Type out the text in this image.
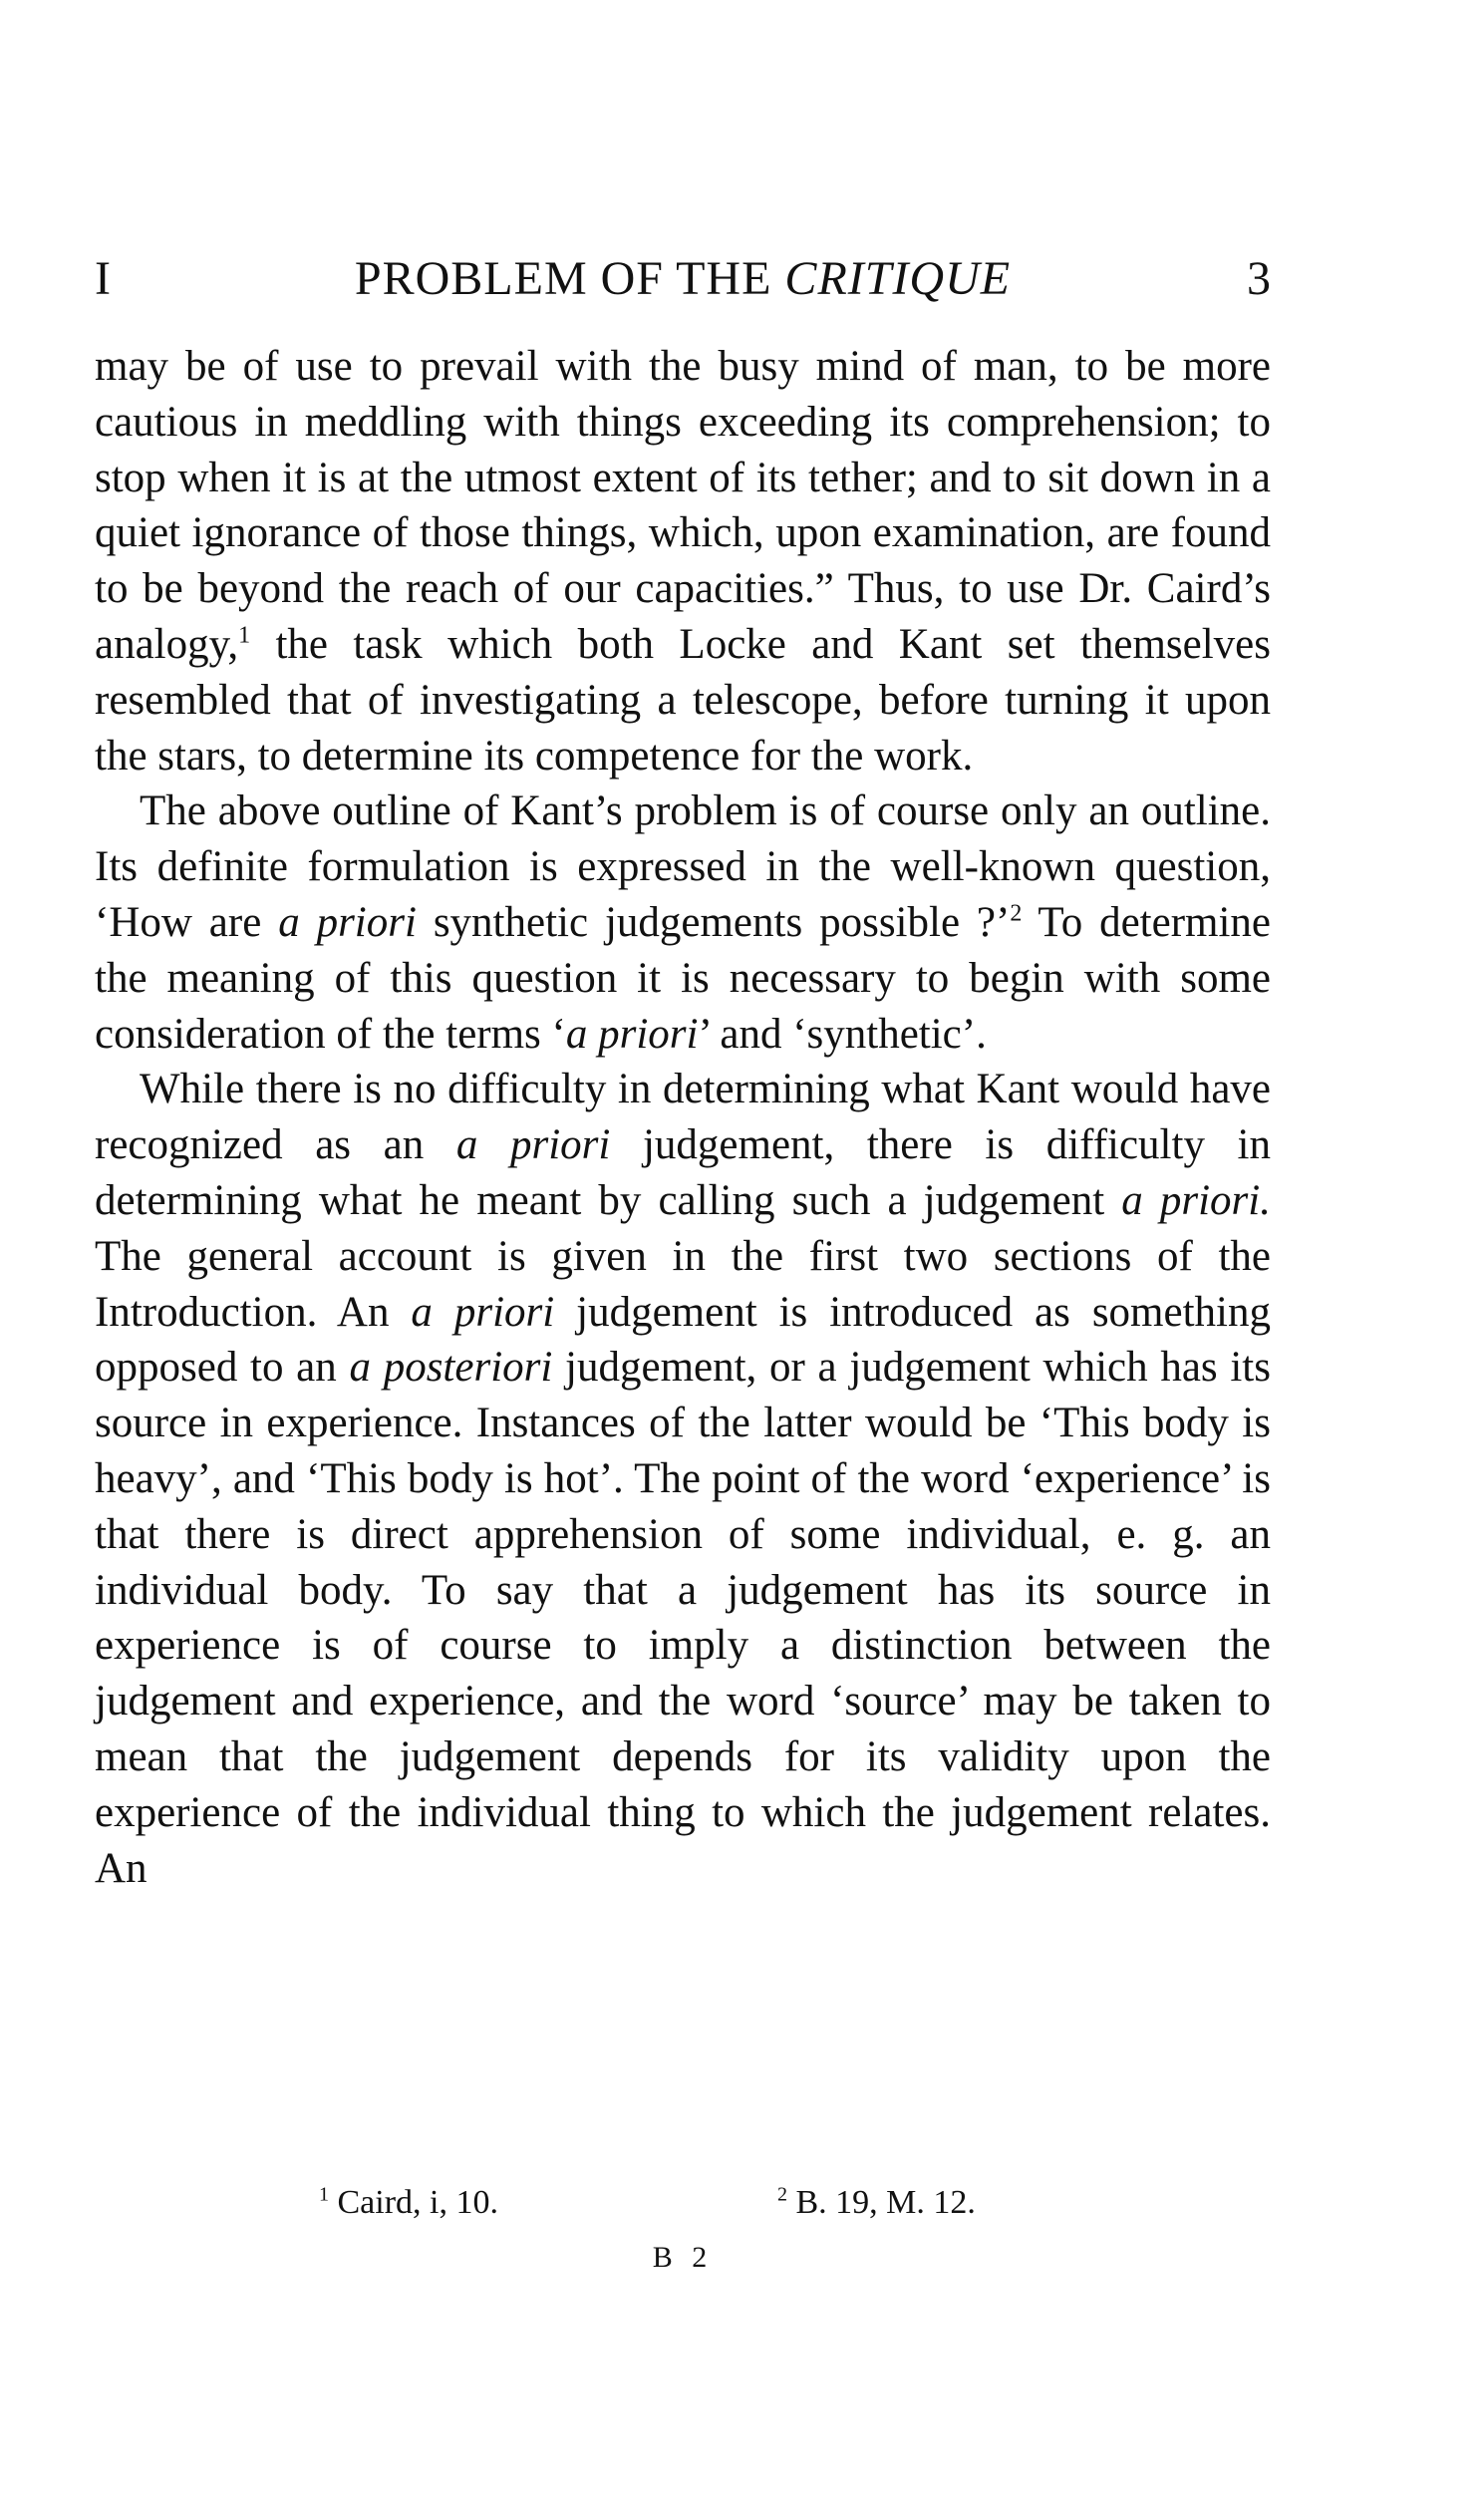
I	PROBLEM OF THE CRITIQUE	3

may be of use to prevail with the busy mind of man, to be more cautious in meddling with things exceeding its comprehension; to stop when it is at the utmost extent of its tether; and to sit down in a quiet ignorance of those things, which, upon examination, are found to be beyond the reach of our capacities.” Thus, to use Dr. Caird’s analogy,$^1$ the task which both Locke and Kant set themselves resembled that of investigating a telescope, before turning it upon the stars, to determine its competence for the work.

The above outline of Kant’s problem is of course only an outline. Its definite formulation is expressed in the well-known question, ‘How are a priori synthetic judgements possible ?’$^2$ To determine the meaning of this question it is necessary to begin with some consideration of the terms ‘a priori’ and ‘synthetic’.

While there is no difficulty in determining what Kant would have recognized as an a priori judgement, there is difficulty in determining what he meant by calling such a judgement a priori. The general account is given in the first two sections of the Introduction. An a priori judgement is introduced as something opposed to an a posteriori judgement, or a judgement which has its source in experience. Instances of the latter would be ‘This body is heavy’, and ‘This body is hot’. The point of the word ‘experience’ is that there is direct apprehension of some individual, e. g. an individual body. To say that a judgement has its source in experience is of course to imply a distinction between the judgement and experience, and the word ‘source’ may be taken to mean that the judgement depends for its validity upon the experience of the individual thing to which the judgement relates. An

$^1$ Caird, i, 10.	$^2$ B. 19, M. 12.
B 2
